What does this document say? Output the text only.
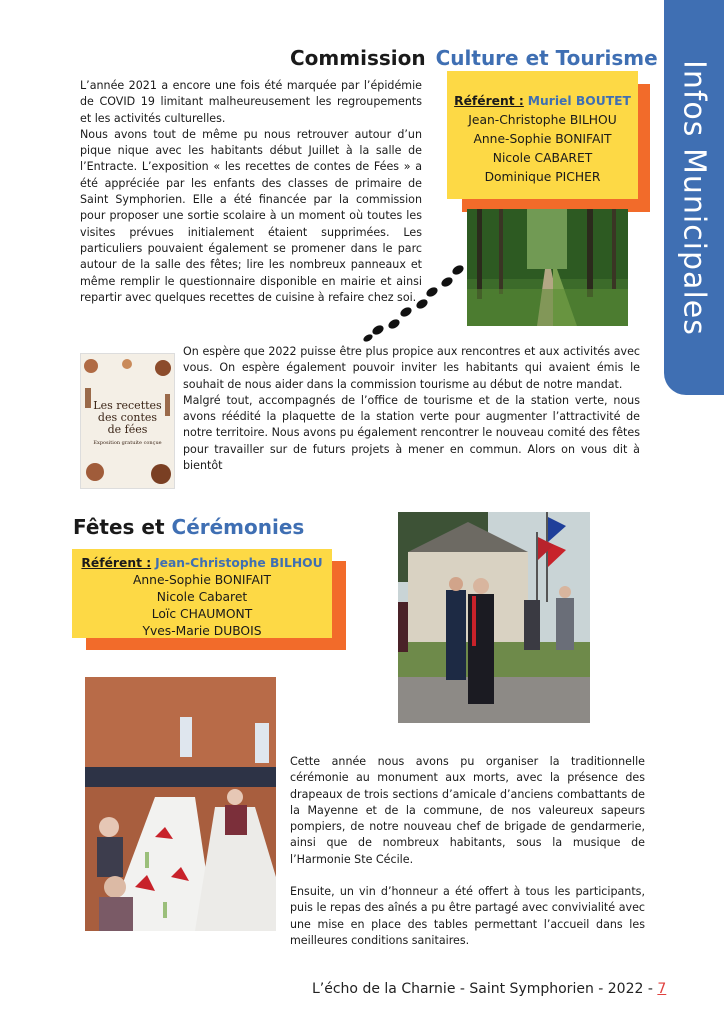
Infos Municipales
Commission Culture et Tourisme

L’année 2021 a encore une fois été marquée par l’épidémie de COVID 19 limitant malheureusement les regroupements et les activités culturelles.

Nous avons tout de même pu nous retrouver autour d’un pique nique avec les habitants début Juillet à la salle de l’Entracte. L’exposition « les recettes de contes de Fées » a été appréciée par les enfants des classes de primaire de Saint Symphorien. Elle a été financée par la commission pour proposer une sortie scolaire à un moment où toutes les visites prévues initialement étaient supprimées. Les particuliers pouvaient également se promener dans le parc autour de la salle des fêtes; lire les nombreux panneaux et même remplir le questionnaire disponible en mairie et ainsi repartir avec quelques recettes de cuisine à refaire chez soi.

Référent : Muriel BOUTET
Jean-Christophe BILHOU
Anne-Sophie BONIFAIT
Nicole CABARET
Dominique PICHER
Les recettes
des contes
de fées
Exposition gratuite conçue

On espère que 2022 puisse être plus propice aux rencontres et aux activités avec vous. On espère également pouvoir inviter les habitants qui avaient émis le souhait de nous aider dans la commission tourisme au début de notre mandat.

Malgré tout, accompagnés de l’office de tourisme et de la station verte, nous avons réédité la plaquette de la station verte pour augmenter l’attractivité de notre territoire. Nous avons pu également rencontrer le nouveau comité des fêtes pour travailler sur de futurs projets à mener en commun. Alors on vous dit à bientôt

Fêtes et Cérémonies
Référent : Jean-Christophe BILHOU
Anne-Sophie BONIFAIT
Nicole Cabaret
Loïc CHAUMONT
Yves-Marie DUBOIS

Cette année nous avons pu organiser la traditionnelle cérémonie au monument aux morts, avec la présence des drapeaux de trois sections d’amicale d’anciens combattants de la Mayenne et de la commune, de nos valeureux sapeurs pompiers, de notre nouveau chef de brigade de gendarmerie, ainsi que de nombreux habitants, sous la musique de l’Harmonie Ste Cécile.

Ensuite, un vin d’honneur a été offert à tous les participants, puis le repas des aînés a pu être partagé avec convivialité avec une mise en place des tables permettant l’accueil dans les meilleures conditions sanitaires.

L’écho de la Charnie - Saint Symphorien - 2022 - 7
